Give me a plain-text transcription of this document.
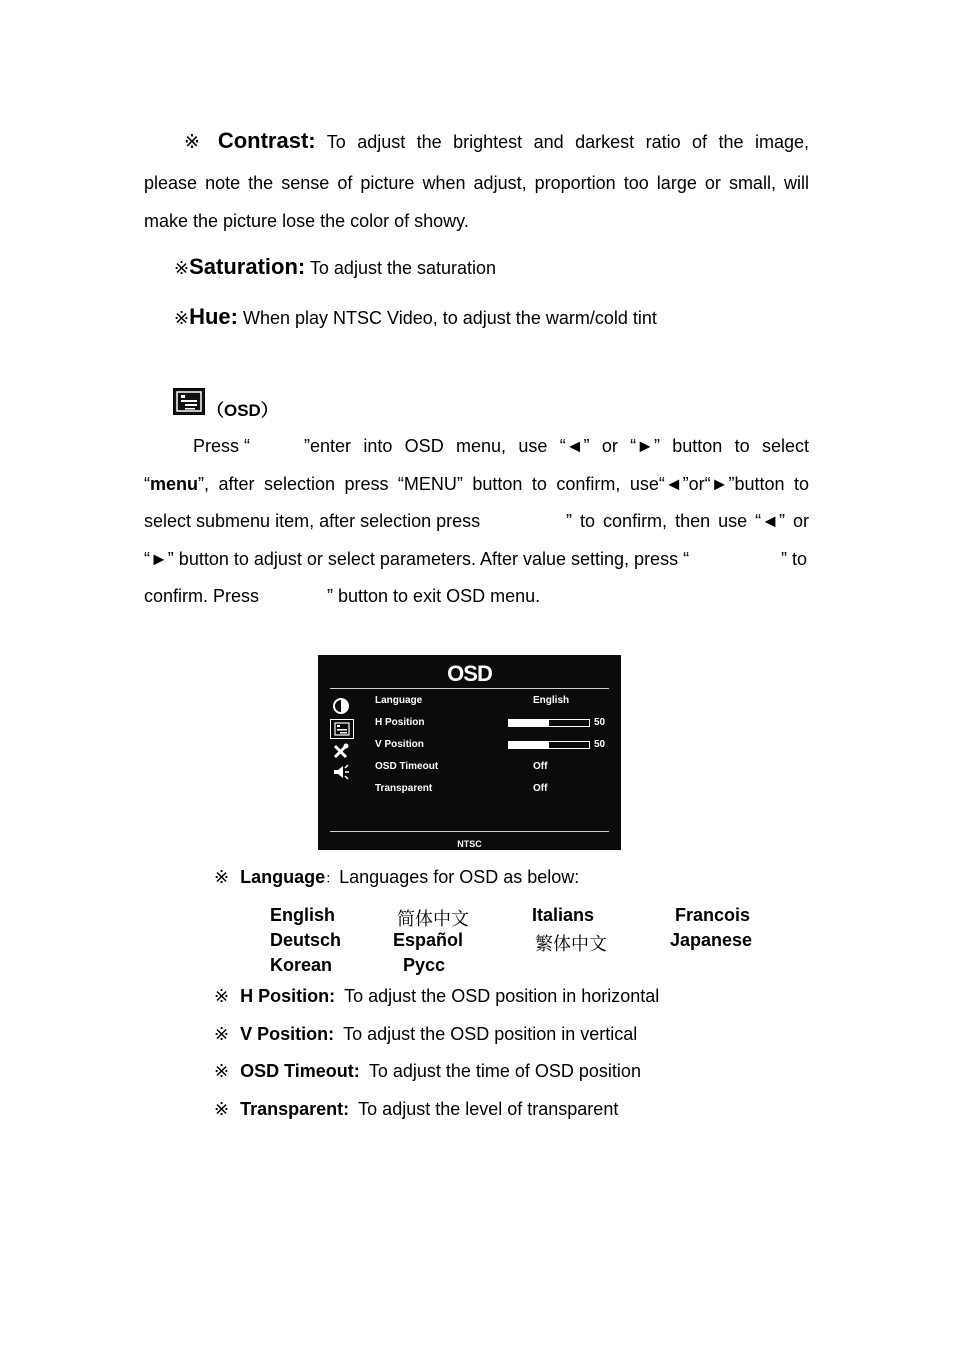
※ Contrast: To adjust the brightest and darkest ratio of the image,
please note the sense of picture when adjust, proportion too large or small, will
make the picture lose the color of showy.
※Saturation: To adjust the saturation
※Hue: When play NTSC Video, to adjust the warm/cold tint
（OSD）
Press “	”enter into OSD menu, use “◄” or “►” button to select
“menu”, after selection press “MENU” button to confirm, use“◄”or“►”button to
select submenu item, after selection press	” to confirm, then use “◄” or
“►” button to adjust or select parameters. After value setting, press “	” to
confirm. Press	” button to exit OSD menu.
OSD
Language	English
H Position	50
V Position	50
OSD Timeout	Off
Transparent	Off
NTSC
※ Language：Languages for OSD as below:
English	简体中文	Italians	Francois
Deutsch	Español	繁体中文	Japanese
Korean	Pycc
※ H Position: To adjust the OSD position in horizontal
※ V Position: To adjust the OSD position in vertical
※ OSD Timeout: To adjust the time of OSD position
※ Transparent: To adjust the level of transparent
